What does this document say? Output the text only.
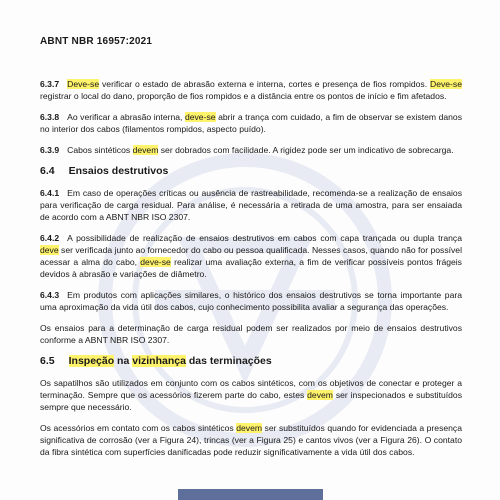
ABNT NBR 16957:2021

6.3.7 Deve-se verificar o estado de abrasão externa e interna, cortes e presença de fios rompidos. Deve-se registrar o local do dano, proporção de fios rompidos e a distância entre os pontos de início e fim afetados.

6.3.8 Ao verificar a abrasão interna, deve-se abrir a trança com cuidado, a fim de observar se existem danos no interior dos cabos (filamentos rompidos, aspecto puído).

6.3.9 Cabos sintéticos devem ser dobrados com facilidade. A rigidez pode ser um indicativo de sobrecarga.

6.4 Ensaios destrutivos

6.4.1 Em caso de operações críticas ou ausência de rastreabilidade, recomenda-se a realização de ensaios para verificação de carga residual. Para análise, é necessária a retirada de uma amostra, para ser ensaiada de acordo com a ABNT NBR ISO 2307.

6.4.2 A possibilidade de realização de ensaios destrutivos em cabos com capa trançada ou dupla trança deve ser verificada junto ao fornecedor do cabo ou pessoa qualificada. Nesses casos, quando não for possível acessar a alma do cabo, deve-se realizar uma avaliação externa, a fim de verificar possíveis pontos frágeis devidos à abrasão e variações de diâmetro.

6.4.3 Em produtos com aplicações similares, o histórico dos ensaios destrutivos se torna importante para uma aproximação da vida útil dos cabos, cujo conhecimento possibilita avaliar a segurança das operações.

Os ensaios para a determinação de carga residual podem ser realizados por meio de ensaios destrutivos conforme a ABNT NBR ISO 2307.

6.5 Inspeção na vizinhança das terminações

Os sapatilhos são utilizados em conjunto com os cabos sintéticos, com os objetivos de conectar e proteger a terminação. Sempre que os acessórios fizerem parte do cabo, estes devem ser inspecionados e substituídos sempre que necessário.

Os acessórios em contato com os cabos sintéticos devem ser substituídos quando for evidenciada a presença significativa de corrosão (ver a Figura 24), trincas (ver a Figura 25) e cantos vivos (ver a Figura 26). O contato da fibra sintética com superfícies danificadas pode reduzir significativamente a vida útil dos cabos.
